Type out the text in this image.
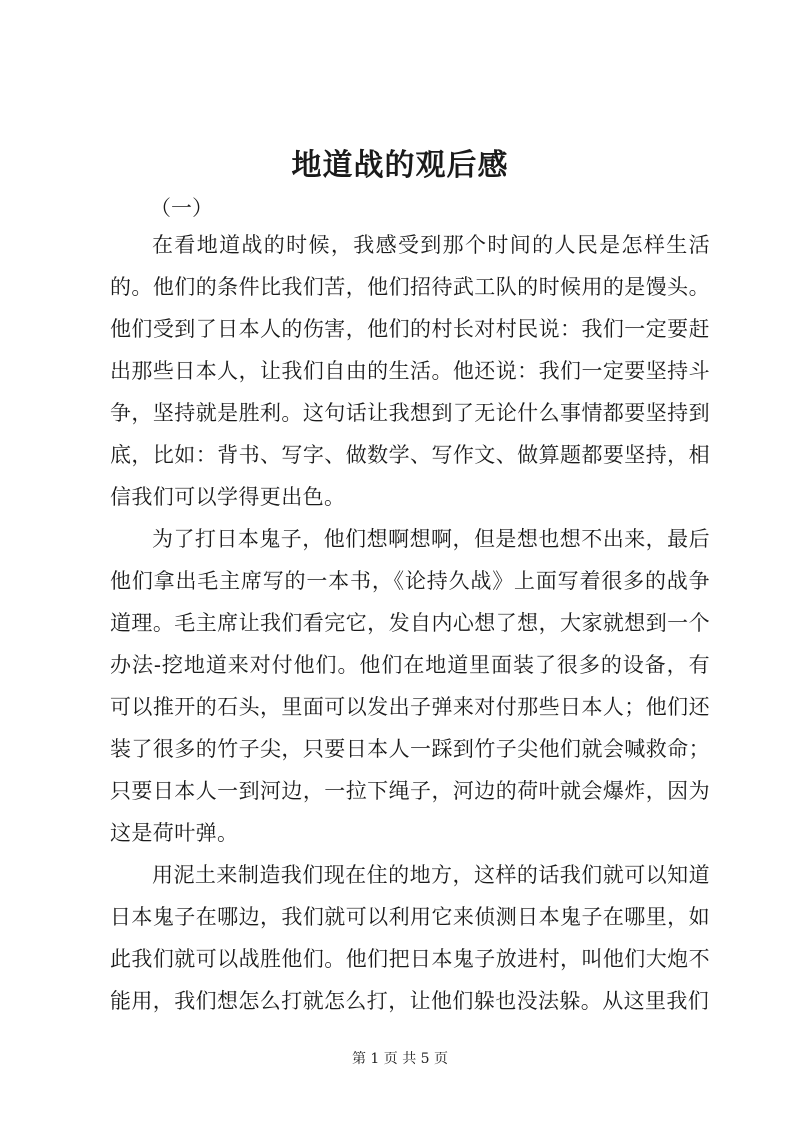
地道战的观后感

（一）

在看地道战的时候，我感受到那个时间的人民是怎样生活的。他们的条件比我们苦，他们招待武工队的时候用的是馒头。他们受到了日本人的伤害，他们的村长对村民说：我们一定要赶出那些日本人，让我们自由的生活。他还说：我们一定要坚持斗争，坚持就是胜利。这句话让我想到了无论什么事情都要坚持到底，比如：背书、写字、做数学、写作文、做算题都要坚持，相信我们可以学得更出色。

为了打日本鬼子，他们想啊想啊，但是想也想不出来，最后他们拿出毛主席写的一本书，《论持久战》上面写着很多的战争道理。毛主席让我们看完它，发自内心想了想，大家就想到一个办法-挖地道来对付他们。他们在地道里面装了很多的设备，有可以推开的石头，里面可以发出子弹来对付那些日本人；他们还装了很多的竹子尖，只要日本人一踩到竹子尖他们就会喊救命；只要日本人一到河边，一拉下绳子，河边的荷叶就会爆炸，因为这是荷叶弹。

用泥土来制造我们现在住的地方，这样的话我们就可以知道日本鬼子在哪边，我们就可以利用它来侦测日本鬼子在哪里，如此我们就可以战胜他们。他们把日本鬼子放进村，叫他们大炮不能用，我们想怎么打就怎么打，让他们躲也没法躲。从这里我们

第 1 页 共 5 页
